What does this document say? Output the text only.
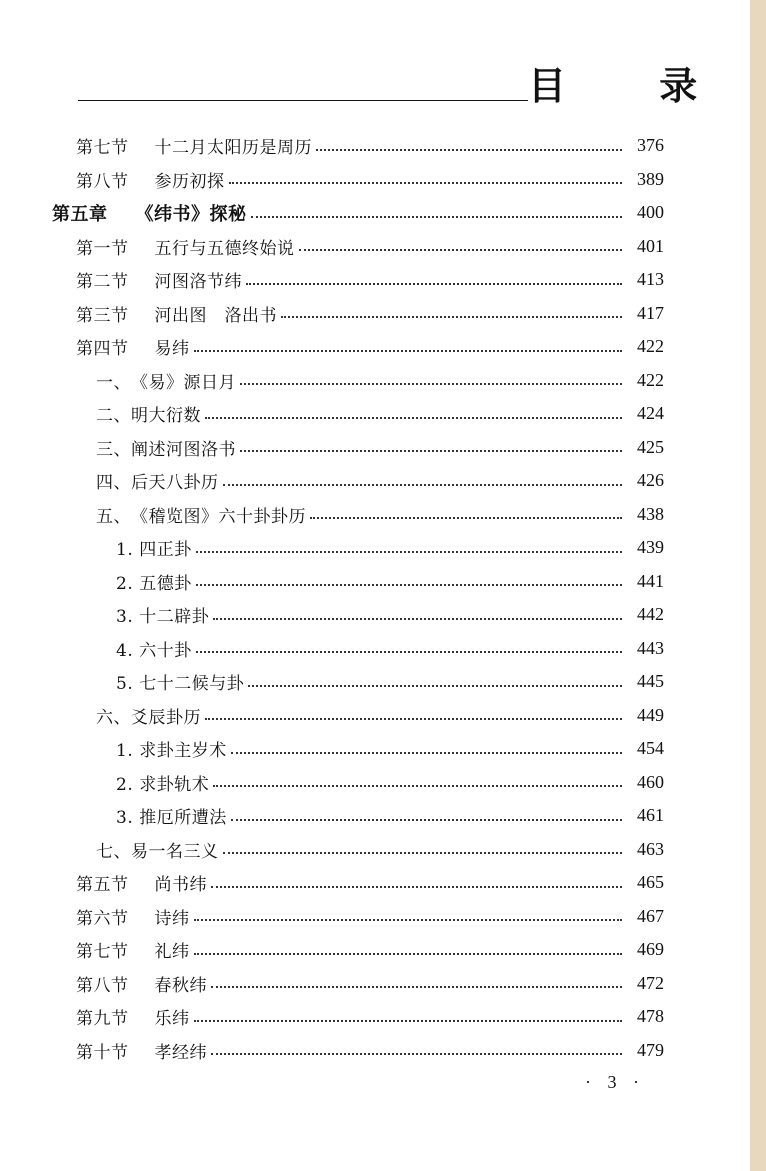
目 录
第七节 十二月太阳历是周历	376
第八节 参历初探	389
第五章 《纬书》探秘	400
第一节 五行与五德终始说	401
第二节 河图洛节纬	413
第三节 河出图　洛出书	417
第四节 易纬	422
一、《易》源日月	422
二、明大衍数	424
三、阐述河图洛书	425
四、后天八卦历	426
五、《稽览图》六十卦卦历	438
1. 四正卦	439
2. 五德卦	441
3. 十二辟卦	442
4. 六十卦	443
5. 七十二候与卦	445
六、爻辰卦历	449
1. 求卦主岁术	454
2. 求卦轨术	460
3. 推厄所遭法	461
七、易一名三义	463
第五节 尚书纬	465
第六节 诗纬	467
第七节 礼纬	469
第八节 春秋纬	472
第九节 乐纬	478
第十节 孝经纬	479
· 3 ·
